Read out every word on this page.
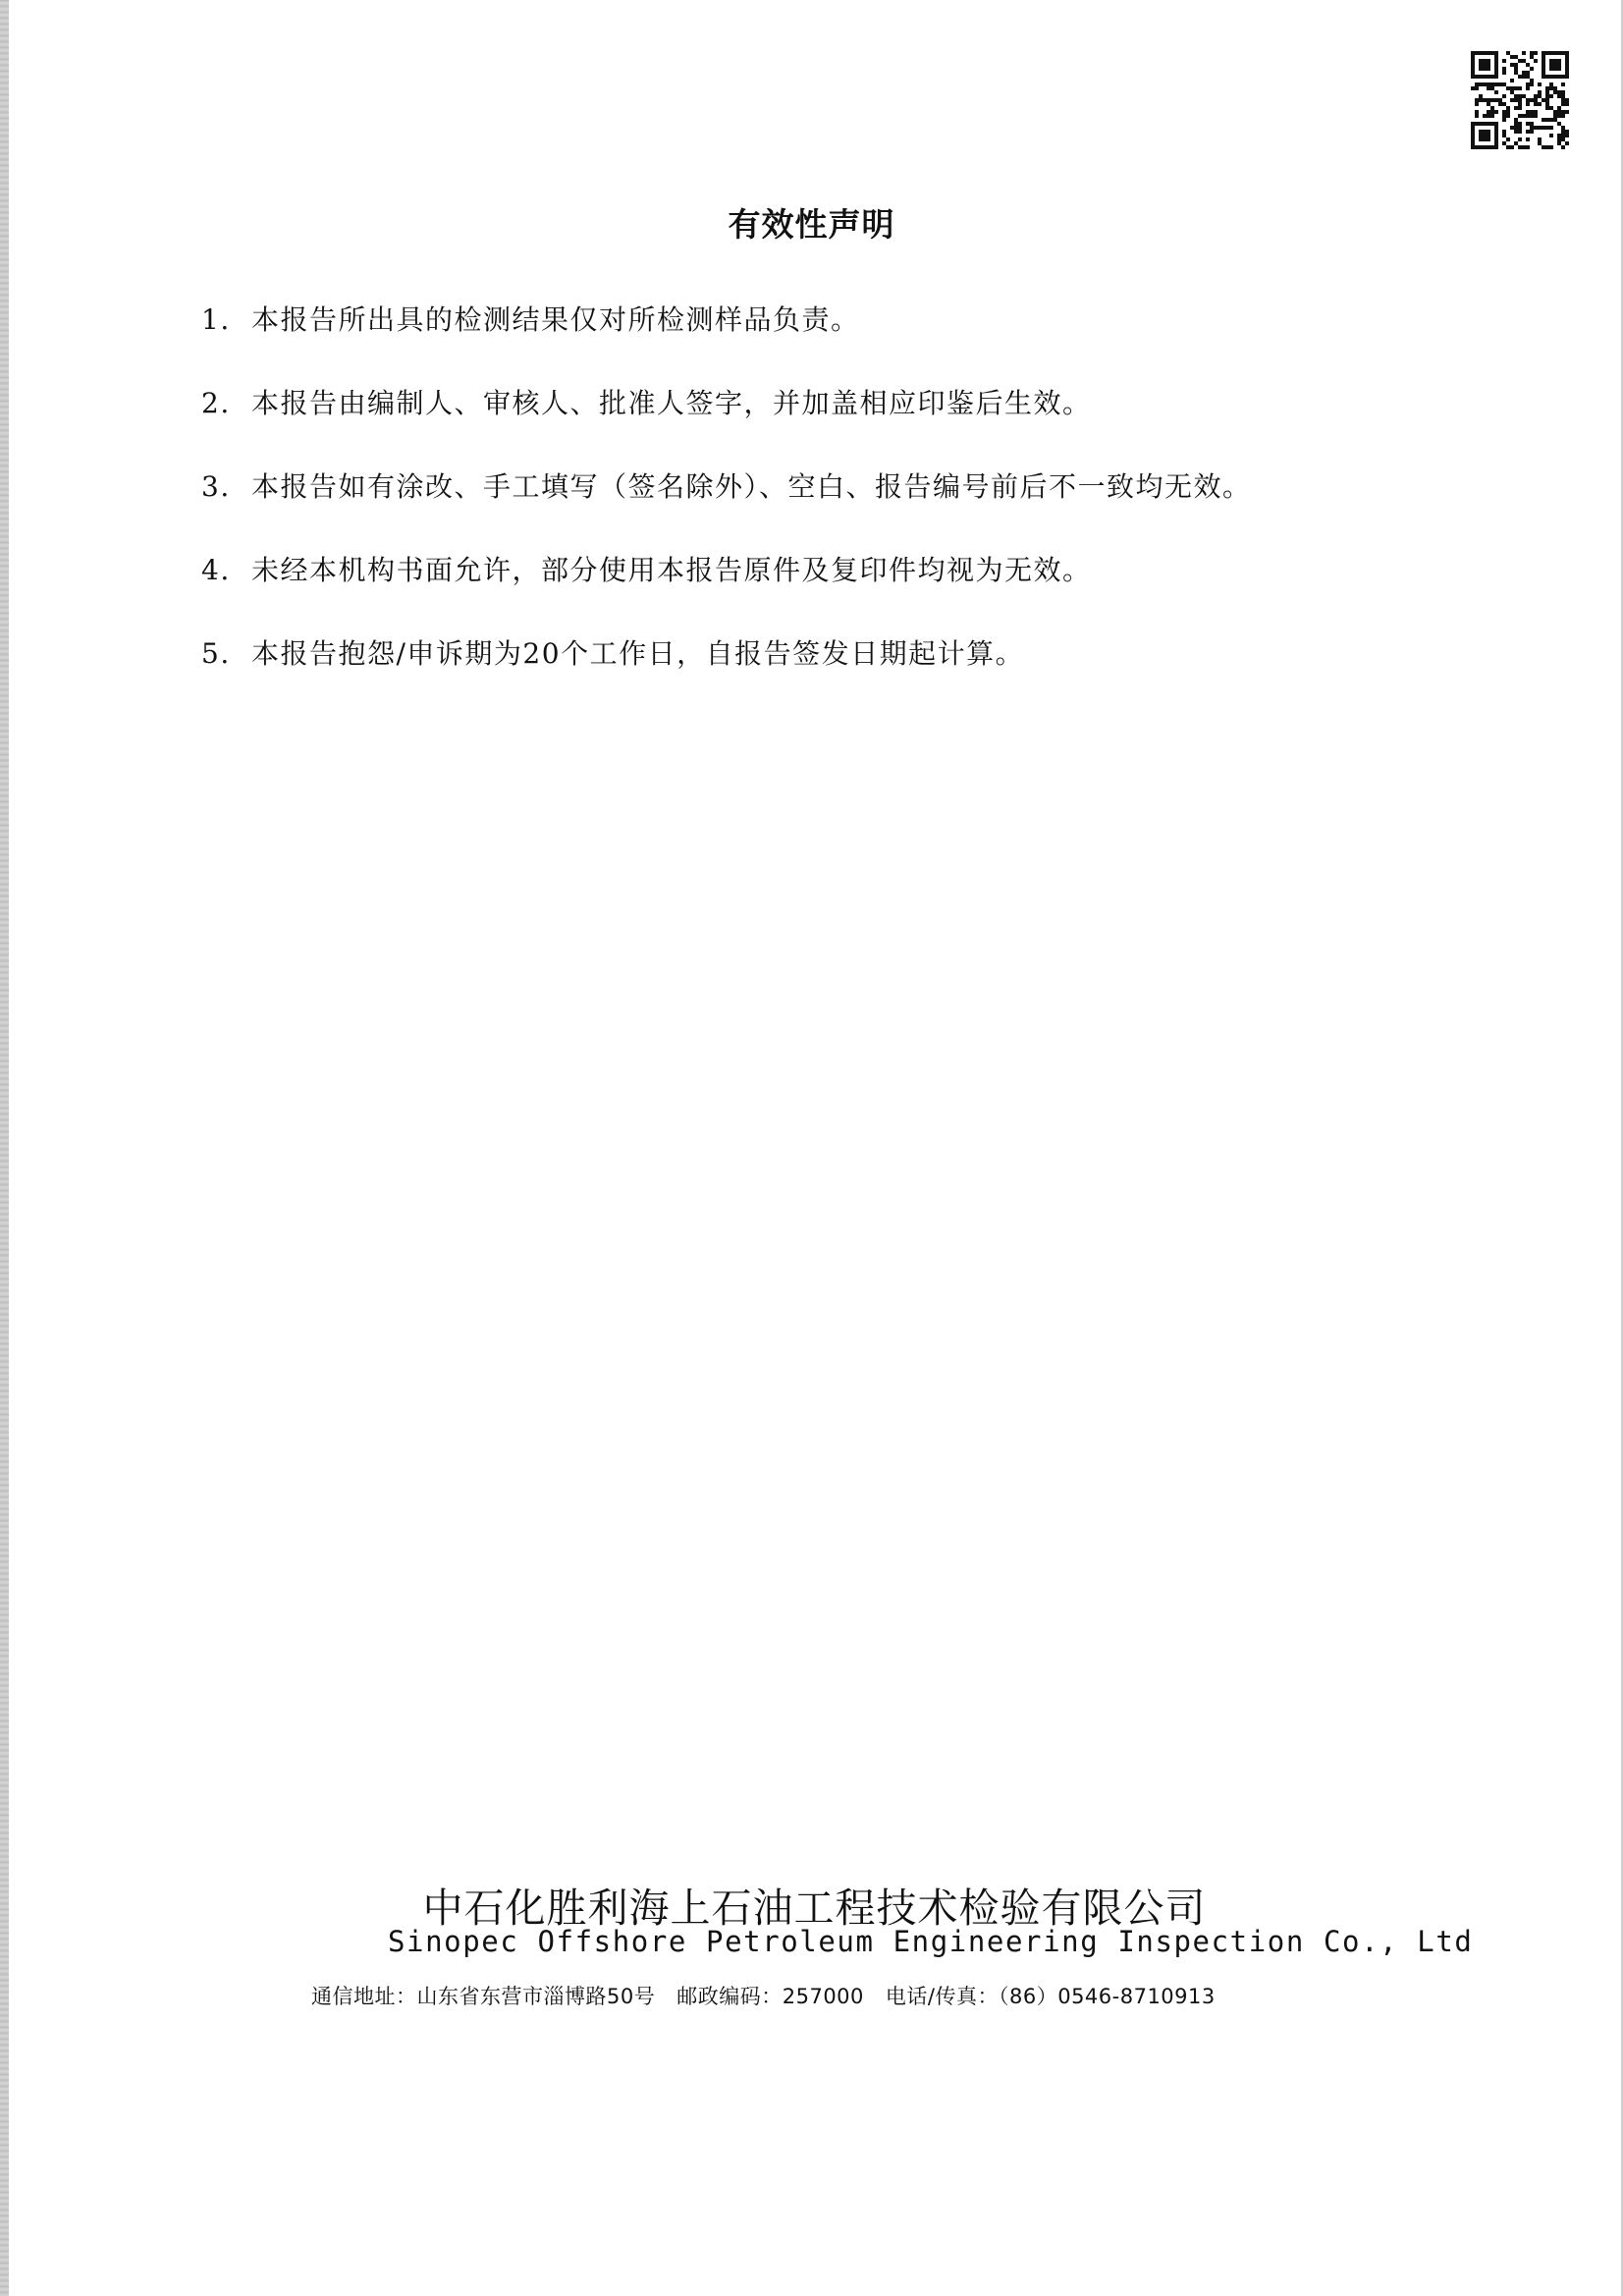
有效性声明
1. 本报告所出具的检测结果仅对所检测样品负责。
2. 本报告由编制人、审核人、批准人签字，并加盖相应印鉴后生效。
3. 本报告如有涂改、手工填写（签名除外）、空白、报告编号前后不一致均无效。
4. 未经本机构书面允许，部分使用本报告原件及复印件均视为无效。
5. 本报告抱怨/申诉期为20个工作日，自报告签发日期起计算。
中石化胜利海上石油工程技术检验有限公司
Sinopec Offshore Petroleum Engineering Inspection Co., Ltd
通信地址：山东省东营市淄博路50号 邮政编码：257000 电话/传真：（86）0546-8710913
